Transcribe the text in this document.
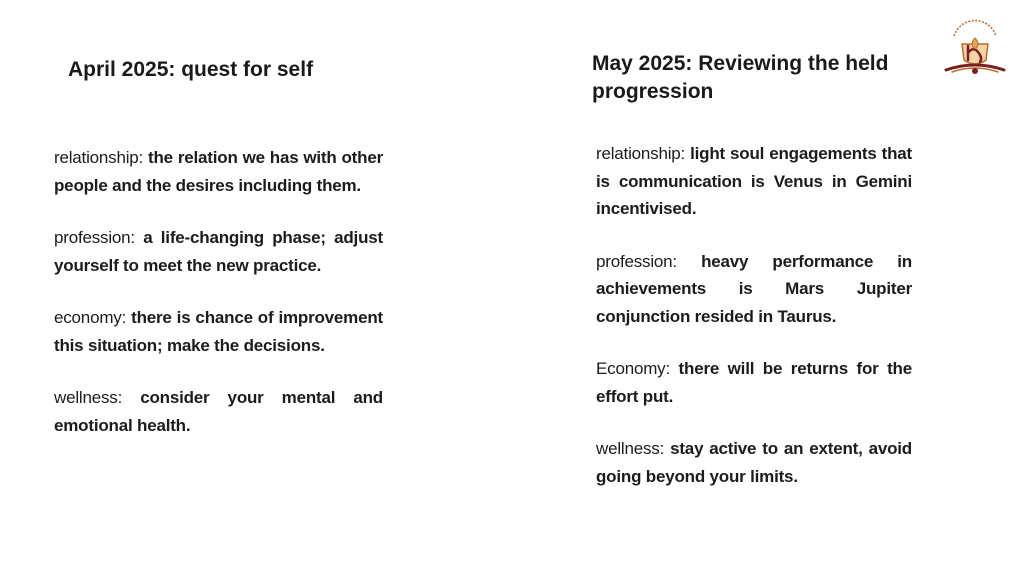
April 2025: quest for self

relationship: the relation we has with other people and the desires including them.

profession: a life-changing phase; adjust yourself to meet the new practice.

economy: there is chance of improvement this situation; make the decisions.

wellness: consider your mental and emotional health.

May 2025: Reviewing the held progression

relationship: light soul engagements that is communication is Venus in Gemini incentivised.

profession: heavy performance in achievements is Mars Jupiter conjunction resided in Taurus.

Economy: there will be returns for the effort put.

wellness: stay active to an extent, avoid going beyond your limits.
